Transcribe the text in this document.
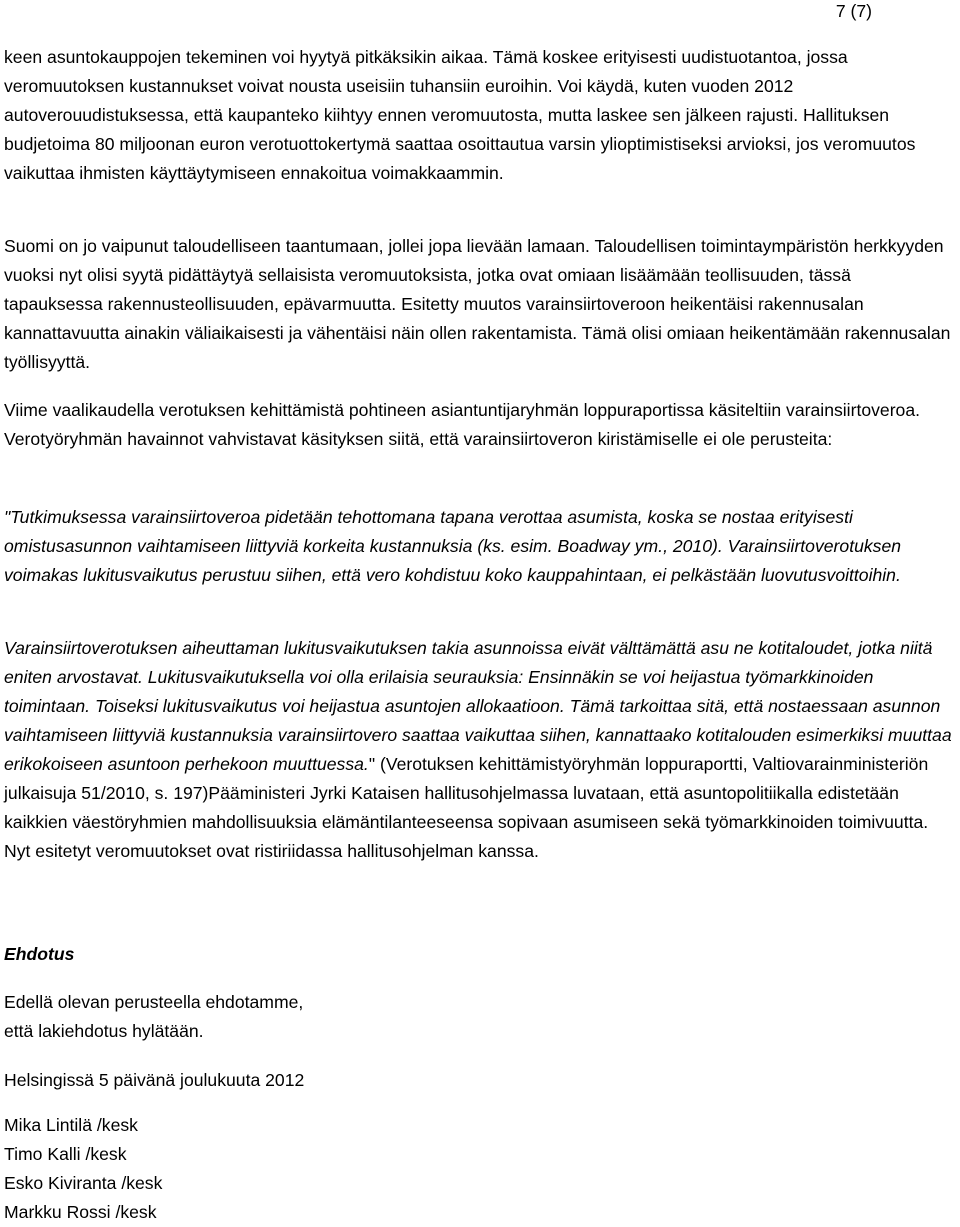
7 (7)

keen asuntokauppojen tekeminen voi hyytyä pitkäksikin aikaa. Tämä koskee erityisesti uudistuotantoa, jossa veromuutoksen kustannukset voivat nousta useisiin tuhansiin euroihin. Voi käydä, kuten vuoden 2012 autoverouudistuksessa, että kaupanteko kiihtyy ennen veromuutosta, mutta laskee sen jälkeen rajusti. Hallituksen budjetoima 80 miljoonan euron verotuottokertymä saattaa osoittautua varsin ylioptimistiseksi arvioksi, jos veromuutos vaikuttaa ihmisten käyttäytymiseen ennakoitua voimakkaammin.

Suomi on jo vaipunut taloudelliseen taantumaan, jollei jopa lievään lamaan. Taloudellisen toimintaympäristön herkkyyden vuoksi nyt olisi syytä pidättäytyä sellaisista veromuutoksista, jotka ovat omiaan lisäämään teollisuuden, tässä tapauksessa rakennusteollisuuden, epävarmuutta. Esitetty muutos varainsiirtoveroon heikentäisi rakennusalan kannattavuutta ainakin väliaikaisesti ja vähentäisi näin ollen rakentamista. Tämä olisi omiaan heikentämään rakennusalan työllisyyttä.

Viime vaalikaudella verotuksen kehittämistä pohtineen asiantuntijaryhmän loppuraportissa käsiteltiin varainsiirtoveroa. Verotyöryhmän havainnot vahvistavat käsityksen siitä, että varainsiirtoveron kiristämiselle ei ole perusteita:

"Tutkimuksessa varainsiirtoveroa pidetään tehottomana tapana verottaa asumista, koska se nostaa erityisesti omistusasunnon vaihtamiseen liittyviä korkeita kustannuksia (ks. esim. Boadway ym., 2010). Varainsiirtoverotuksen voimakas lukitusvaikutus perustuu siihen, että vero kohdistuu koko kauppahintaan, ei pelkästään luovutusvoittoihin.

Varainsiirtoverotuksen aiheuttaman lukitusvaikutuksen takia asunnoissa eivät välttämättä asu ne kotitaloudet, jotka niitä eniten arvostavat. Lukitusvaikutuksella voi olla erilaisia seurauksia: Ensinnäkin se voi heijastua työmarkkinoiden toimintaan. Toiseksi lukitusvaikutus voi heijastua asuntojen allokaatioon. Tämä tarkoittaa sitä, että nostaessaan asunnon vaihtamiseen liittyviä kustannuksia varainsiirtovero saattaa vaikuttaa siihen, kannattaako kotitalouden esimerkiksi muuttaa erikokoiseen asuntoon perhekoon muuttuessa." (Verotuksen kehittämistyöryhmän loppuraportti, Valtiovarainministeriön julkaisuja 51/2010, s. 197)Pääministeri Jyrki Kataisen hallitusohjelmassa luvataan, että asuntopolitiikalla edistetään kaikkien väestöryhmien mahdollisuuksia elämäntilanteeseensa sopivaan asumiseen sekä työmarkkinoiden toimivuutta. Nyt esitetyt veromuutokset ovat ristiriidassa hallitusohjelman kanssa.

Ehdotus
Edellä olevan perusteella ehdotamme,
että lakiehdotus hylätään.
Helsingissä 5 päivänä joulukuuta 2012
Mika Lintilä /kesk
Timo Kalli /kesk
Esko Kiviranta /kesk
Markku Rossi /kesk
